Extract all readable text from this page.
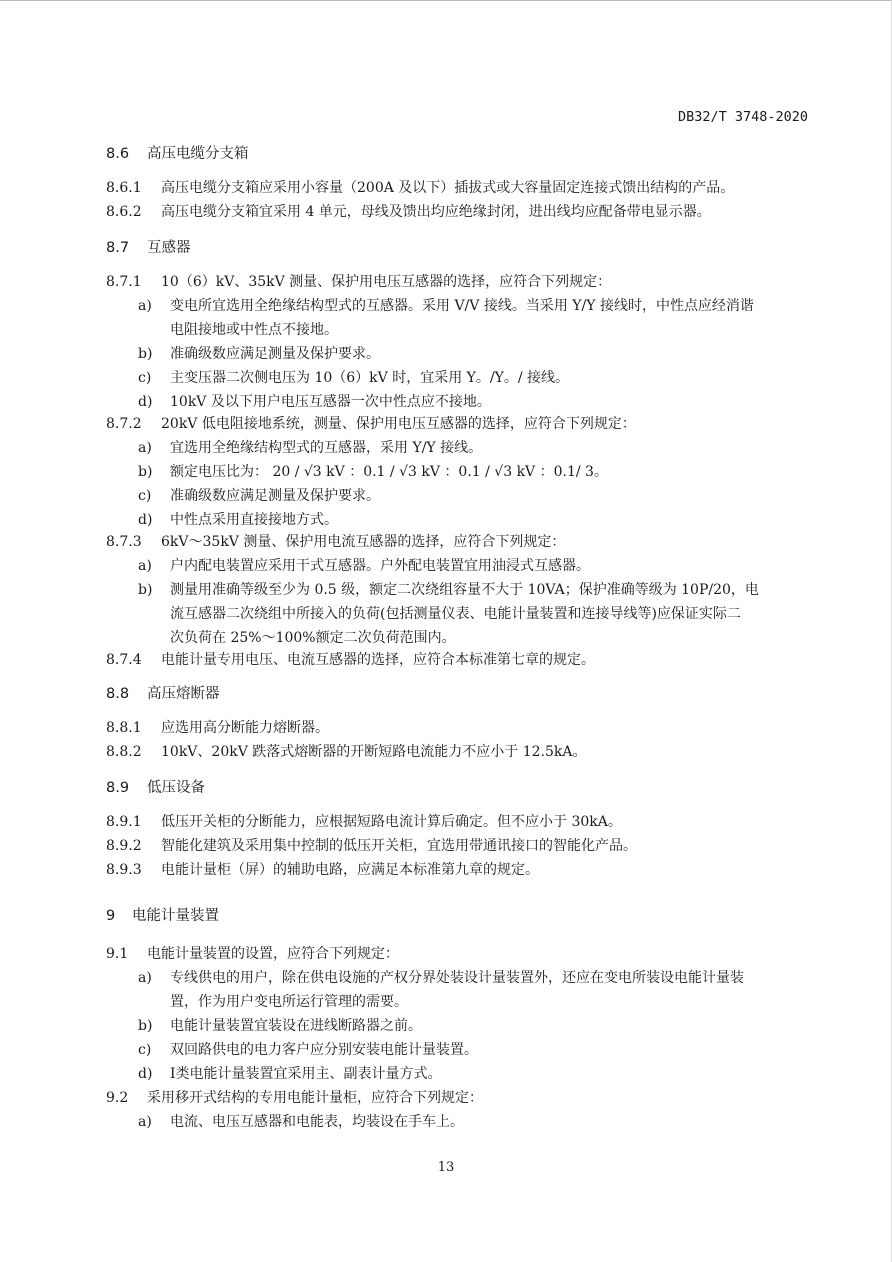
DB32/T 3748-2020
8.6 高压电缆分支箱
8.6.1 高压电缆分支箱应采用小容量（200A 及以下）插拔式或大容量固定连接式馈出结构的产品。
8.6.2 高压电缆分支箱宜采用 4 单元，母线及馈出均应绝缘封闭，进出线均应配备带电显示器。
8.7 互感器
8.7.1 10（6）kV、35kV 测量、保护用电压互感器的选择，应符合下列规定：
a) 变电所宜选用全绝缘结构型式的互感器。采用 V/V 接线。当采用 Y/Y 接线时，中性点应经消谐
电阻接地或中性点不接地。
b) 准确级数应满足测量及保护要求。
c) 主变压器二次侧电压为 10（6）kV 时，宜采用 Y。/Y。/ 接线。
d) 10kV 及以下用户电压互感器一次中性点应不接地。
8.7.2 20kV 低电阻接地系统，测量、保护用电压互感器的选择，应符合下列规定：
a) 宜选用全绝缘结构型式的互感器，采用 Y/Y 接线。
b) 额定电压比为： 20 / √3 kV ：0.1 / √3 kV ：0.1 / √3 kV ：0.1/ 3。
c) 准确级数应满足测量及保护要求。
d) 中性点采用直接接地方式。
8.7.3 6kV～35kV 测量、保护用电流互感器的选择，应符合下列规定：
a) 户内配电装置应采用干式互感器。户外配电装置宜用油浸式互感器。
b) 测量用准确等级至少为 0.5 级，额定二次绕组容量不大于 10VA；保护准确等级为 10P/20，电
流互感器二次绕组中所接入的负荷(包括测量仪表、电能计量装置和连接导线等)应保证实际二
次负荷在 25%～100%额定二次负荷范围内。
8.7.4 电能计量专用电压、电流互感器的选择，应符合本标准第七章的规定。
8.8 高压熔断器
8.8.1 应选用高分断能力熔断器。
8.8.2 10kV、20kV 跌落式熔断器的开断短路电流能力不应小于 12.5kA。
8.9 低压设备
8.9.1 低压开关柜的分断能力，应根据短路电流计算后确定。但不应小于 30kA。
8.9.2 智能化建筑及采用集中控制的低压开关柜，宜选用带通讯接口的智能化产品。
8.9.3 电能计量柜（屏）的辅助电路，应满足本标准第九章的规定。
9 电能计量装置
9.1 电能计量装置的设置，应符合下列规定：
a) 专线供电的用户，除在供电设施的产权分界处装设计量装置外，还应在变电所装设电能计量装
置，作为用户变电所运行管理的需要。
b) 电能计量装置宜装设在进线断路器之前。
c) 双回路供电的电力客户应分别安装电能计量装置。
d) Ⅰ类电能计量装置宜采用主、副表计量方式。
9.2 采用移开式结构的专用电能计量柜，应符合下列规定：
a) 电流、电压互感器和电能表，均装设在手车上。
13
